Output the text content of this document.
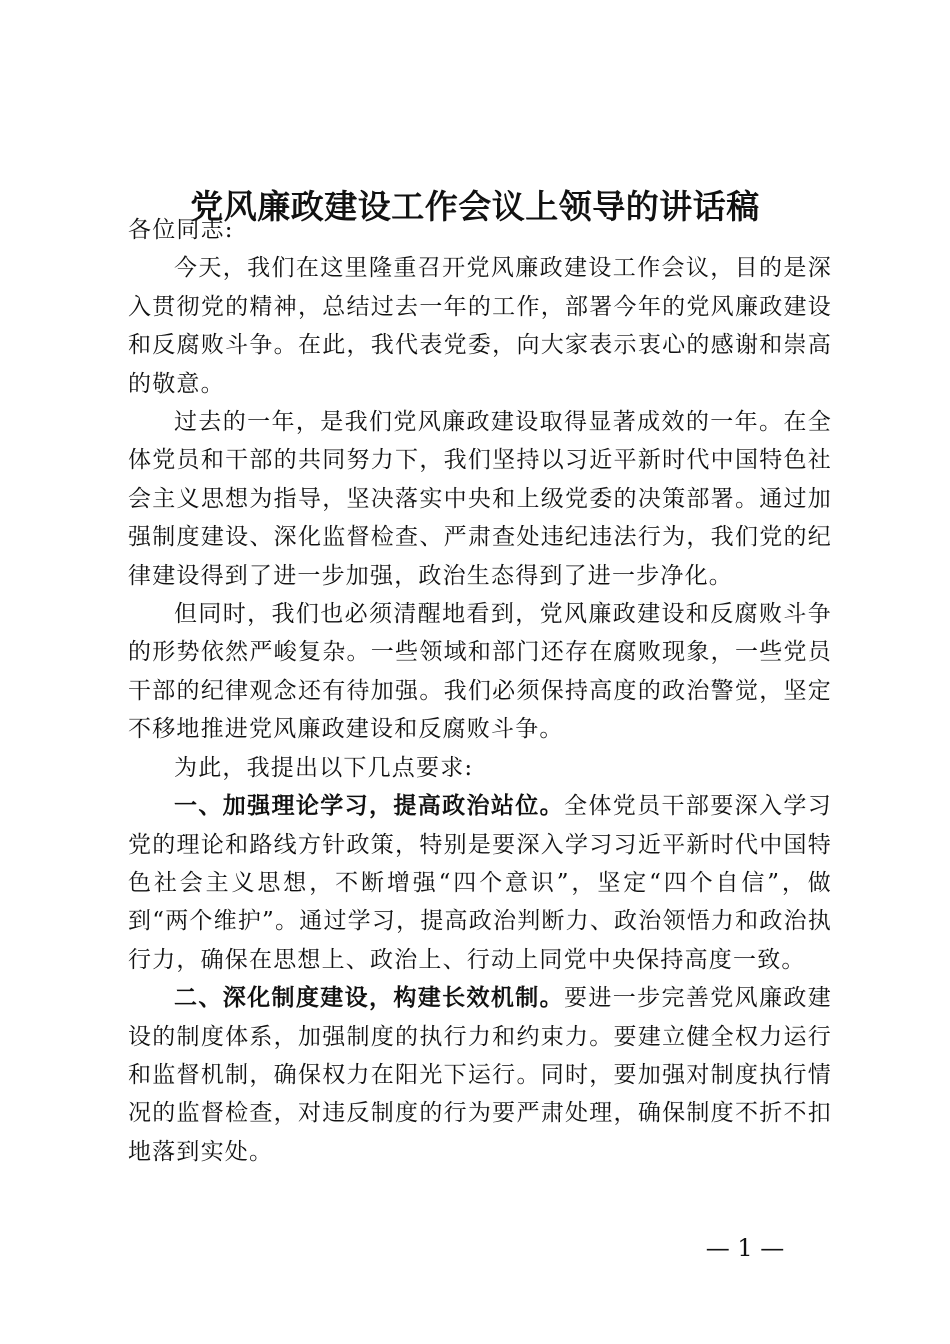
党风廉政建设工作会议上领导的讲话稿

各位同志:

今天，我们在这里隆重召开党风廉政建设工作会议，目的是深入贯彻党的精神，总结过去一年的工作，部署今年的党风廉政建设和反腐败斗争。在此，我代表党委，向大家表示衷心的感谢和崇高的敬意。

过去的一年，是我们党风廉政建设取得显著成效的一年。在全体党员和干部的共同努力下，我们坚持以习近平新时代中国特色社会主义思想为指导，坚决落实中央和上级党委的决策部署。通过加强制度建设、深化监督检查、严肃查处违纪违法行为，我们党的纪律建设得到了进一步加强，政治生态得到了进一步净化。

但同时，我们也必须清醒地看到，党风廉政建设和反腐败斗争的形势依然严峻复杂。一些领域和部门还存在腐败现象，一些党员干部的纪律观念还有待加强。我们必须保持高度的政治警觉，坚定不移地推进党风廉政建设和反腐败斗争。

为此，我提出以下几点要求:

一、加强理论学习，提高政治站位。全体党员干部要深入学习党的理论和路线方针政策，特别是要深入学习习近平新时代中国特色社会主义思想，不断增强“四个意识”，坚定“四个自信”，做到“两个维护”。通过学习，提高政治判断力、政治领悟力和政治执行力，确保在思想上、政治上、行动上同党中央保持高度一致。

二、深化制度建设，构建长效机制。要进一步完善党风廉政建设的制度体系，加强制度的执行力和约束力。要建立健全权力运行和监督机制，确保权力在阳光下运行。同时，要加强对制度执行情况的监督检查，对违反制度的行为要严肃处理，确保制度不折不扣地落到实处。

— 1 —
